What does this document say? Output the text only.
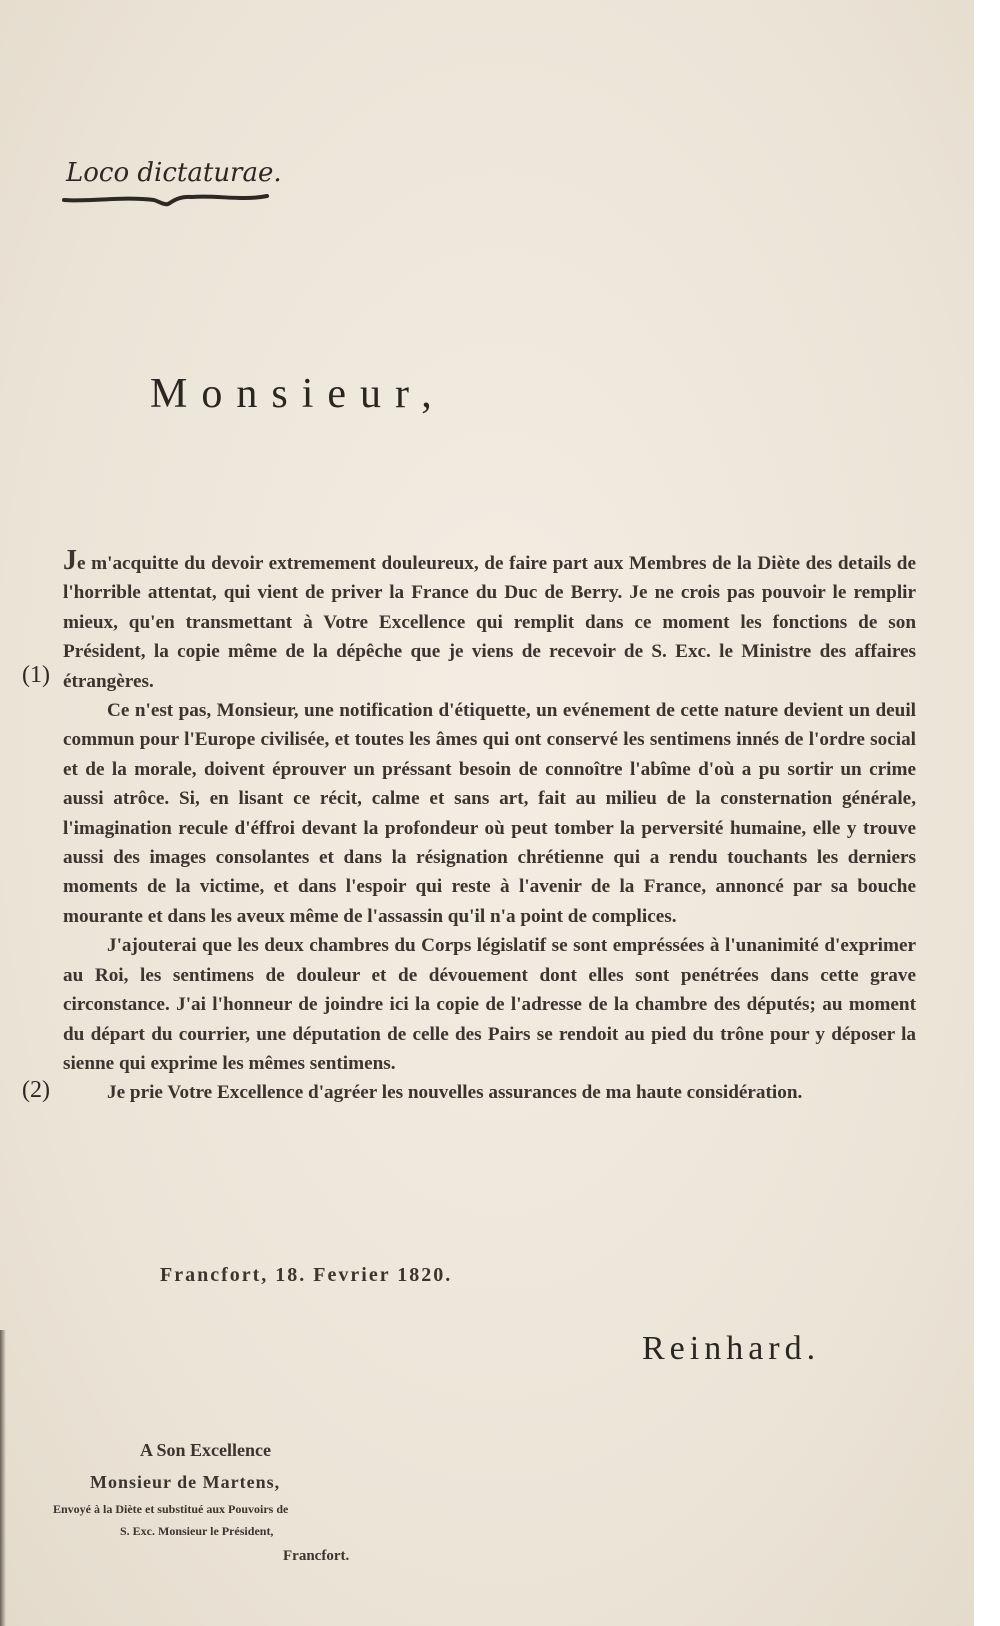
Loco dictaturae.
Monsieur,
(1)
(2)

Je m'acquitte du devoir extremement douleureux, de faire part aux Membres de la Diète des details de l'horrible attentat, qui vient de priver la France du Duc de Berry. Je ne crois pas pouvoir le remplir mieux, qu'en transmettant à Votre Excellence qui remplit dans ce moment les fonctions de son Président, la copie même de la dépêche que je viens de recevoir de S. Exc. le Ministre des affaires étrangères.

Ce n'est pas, Monsieur, une notification d'étiquette, un evénement de cette nature devient un deuil commun pour l'Europe civilisée, et toutes les âmes qui ont conservé les sentimens innés de l'ordre social et de la morale, doivent éprouver un préssant besoin de connoître l'abîme d'où a pu sortir un crime aussi atrôce. Si, en lisant ce récit, calme et sans art, fait au milieu de la consternation générale, l'imagination recule d'éffroi devant la profondeur où peut tomber la perversité humaine, elle y trouve aussi des images consolantes et dans la résignation chrétienne qui a rendu touchants les derniers moments de la victime, et dans l'espoir qui reste à l'avenir de la France, annoncé par sa bouche mourante et dans les aveux même de l'assassin qu'il n'a point de complices.

J'ajouterai que les deux chambres du Corps législatif se sont empréssées à l'unanimité d'exprimer au Roi, les sentimens de douleur et de dévouement dont elles sont penétrées dans cette grave circonstance. J'ai l'honneur de joindre ici la copie de l'adresse de la chambre des députés; au moment du départ du courrier, une députation de celle des Pairs se rendoit au pied du trône pour y déposer la sienne qui exprime les mêmes sentimens.

Je prie Votre Excellence d'agréer les nouvelles assurances de ma haute considération.

Francfort, 18. Fevrier 1820.
Reinhard.
A Son Excellence
Monsieur de Martens,
Envoyé à la Diète et substitué aux Pouvoirs de
S. Exc. Monsieur le Président,
Francfort.
